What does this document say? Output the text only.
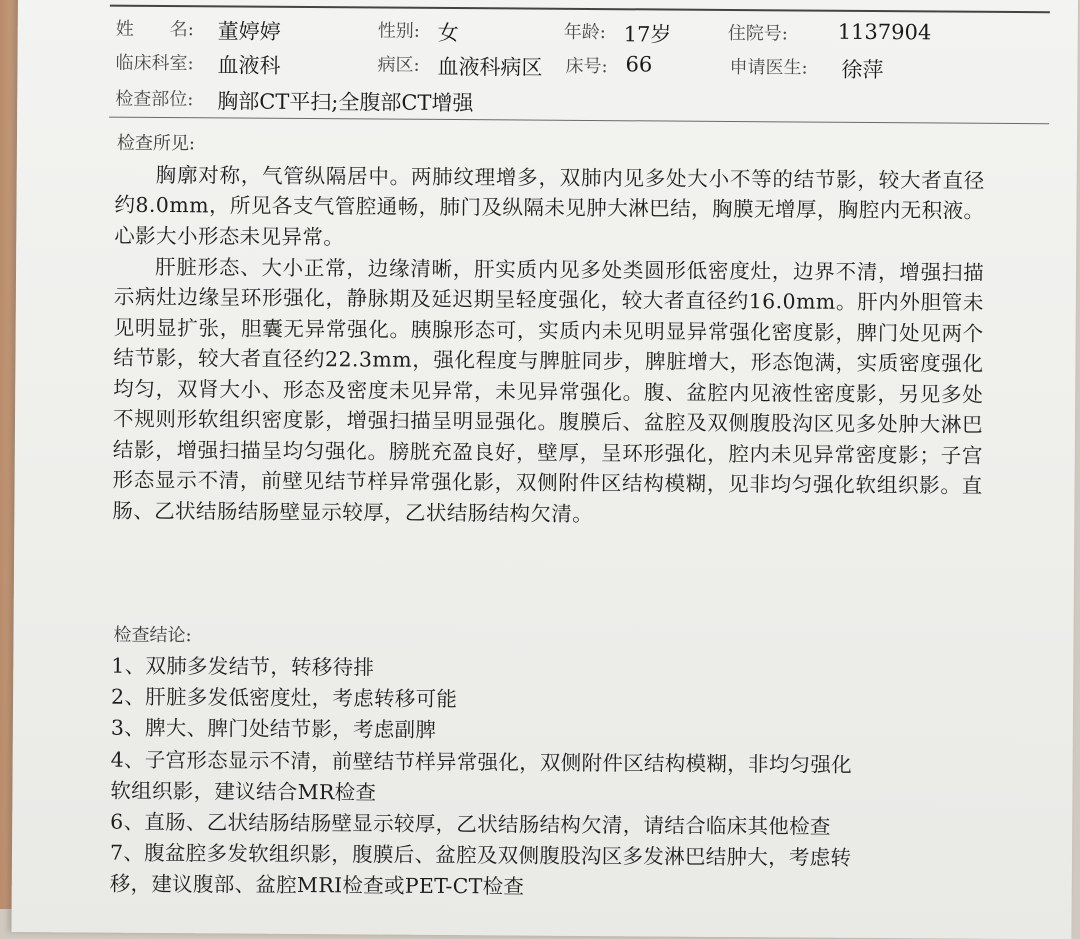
姓　　名: 董婷婷	性别: 女	年龄: 17岁	住院号: 1137904
临床科室: 血液科	病区: 血液科病区 床号: 66	申请医生: 徐萍
检查部位: 胸部CT平扫;全腹部CT增强
检查所见:

胸廓对称，气管纵隔居中。两肺纹理增多，双肺内见多处大小不等的结节影，较大者直径约8.0mm，所见各支气管腔通畅，肺门及纵隔未见肿大淋巴结，胸膜无增厚，胸腔内无积液。心影大小形态未见异常。

肝脏形态、大小正常，边缘清晰，肝实质内见多处类圆形低密度灶，边界不清，增强扫描示病灶边缘呈环形强化，静脉期及延迟期呈轻度强化，较大者直径约16.0mm。肝内外胆管未见明显扩张，胆囊无异常强化。胰腺形态可，实质内未见明显异常强化密度影，脾门处见两个结节影，较大者直径约22.3mm，强化程度与脾脏同步，脾脏增大，形态饱满，实质密度强化均匀，双肾大小、形态及密度未见异常，未见异常强化。腹、盆腔内见液性密度影，另见多处不规则形软组织密度影，增强扫描呈明显强化。腹膜后、盆腔及双侧腹股沟区见多处肿大淋巴结影，增强扫描呈均匀强化。膀胱充盈良好，壁厚，呈环形强化，腔内未见异常密度影；子宫形态显示不清，前壁见结节样异常强化影，双侧附件区结构模糊，见非均匀强化软组织影。直肠、乙状结肠结肠壁显示较厚，乙状结肠结构欠清。

检查结论:
1、双肺多发结节，转移待排
2、肝脏多发低密度灶，考虑转移可能
3、脾大、脾门处结节影，考虑副脾
4、子宫形态显示不清，前壁结节样异常强化，双侧附件区结构模糊，非均匀强化
软组织影，建议结合MR检查
6、直肠、乙状结肠结肠壁显示较厚，乙状结肠结构欠清，请结合临床其他检查
7、腹盆腔多发软组织影，腹膜后、盆腔及双侧腹股沟区多发淋巴结肿大，考虑转
移，建议腹部、盆腔MRI检查或PET-CT检查
